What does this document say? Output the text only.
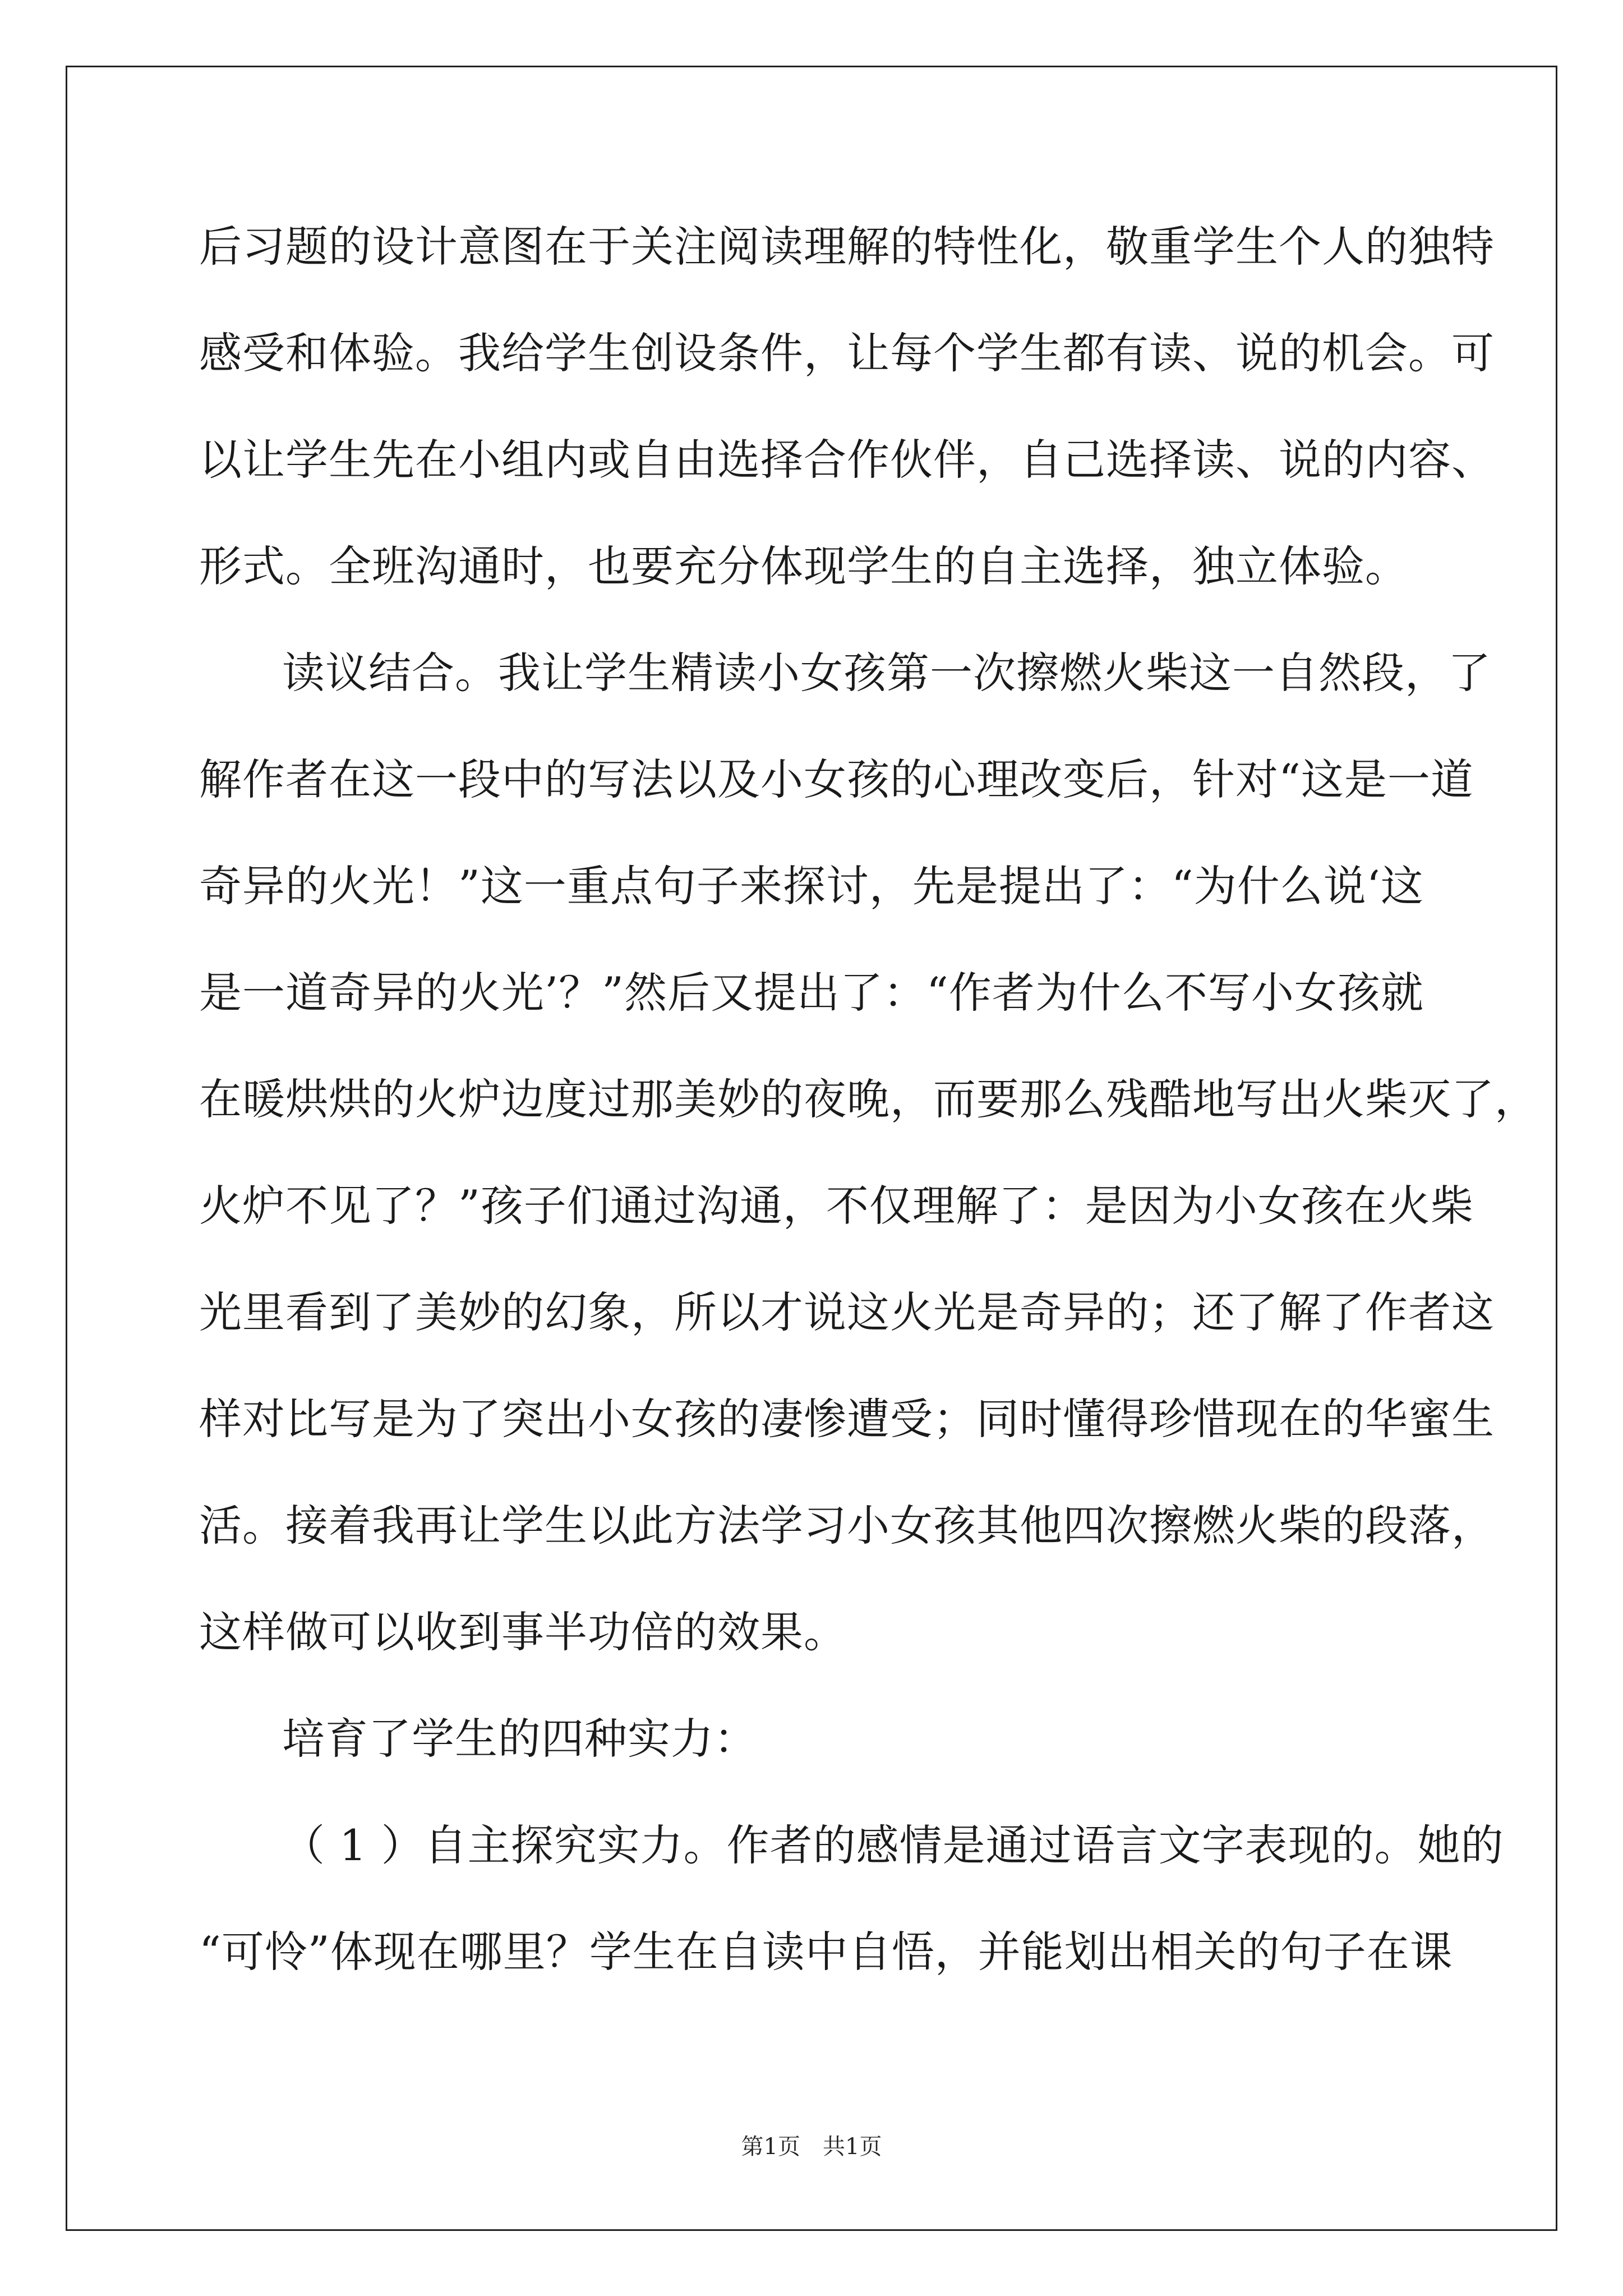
后习题的设计意图在于关注阅读理解的特性化，敬重学生个人的独特
感受和体验。我给学生创设条件，让每个学生都有读、说的机会。可
以让学生先在小组内或自由选择合作伙伴，自己选择读、说的内容、
形式。全班沟通时，也要充分体现学生的自主选择，独立体验。
读议结合。我让学生精读小女孩第一次擦燃火柴这一自然段，了
解作者在这一段中的写法以及小女孩的心理改变后，针对“这是一道
奇异的火光！”这一重点句子来探讨，先是提出了：“为什么说‘这
是一道奇异的火光’？”然后又提出了：“作者为什么不写小女孩就
在暖烘烘的火炉边度过那美妙的夜晚，而要那么残酷地写出火柴灭了，
火炉不见了？”孩子们通过沟通，不仅理解了：是因为小女孩在火柴
光里看到了美妙的幻象，所以才说这火光是奇异的；还了解了作者这
样对比写是为了突出小女孩的凄惨遭受；同时懂得珍惜现在的华蜜生
活。接着我再让学生以此方法学习小女孩其他四次擦燃火柴的段落，
这样做可以收到事半功倍的效果。
培育了学生的四种实力：
（ 1 ）自主探究实力。作者的感情是通过语言文字表现的。她的
“可怜”体现在哪里？学生在自读中自悟，并能划出相关的句子在课
第1页　共1页
